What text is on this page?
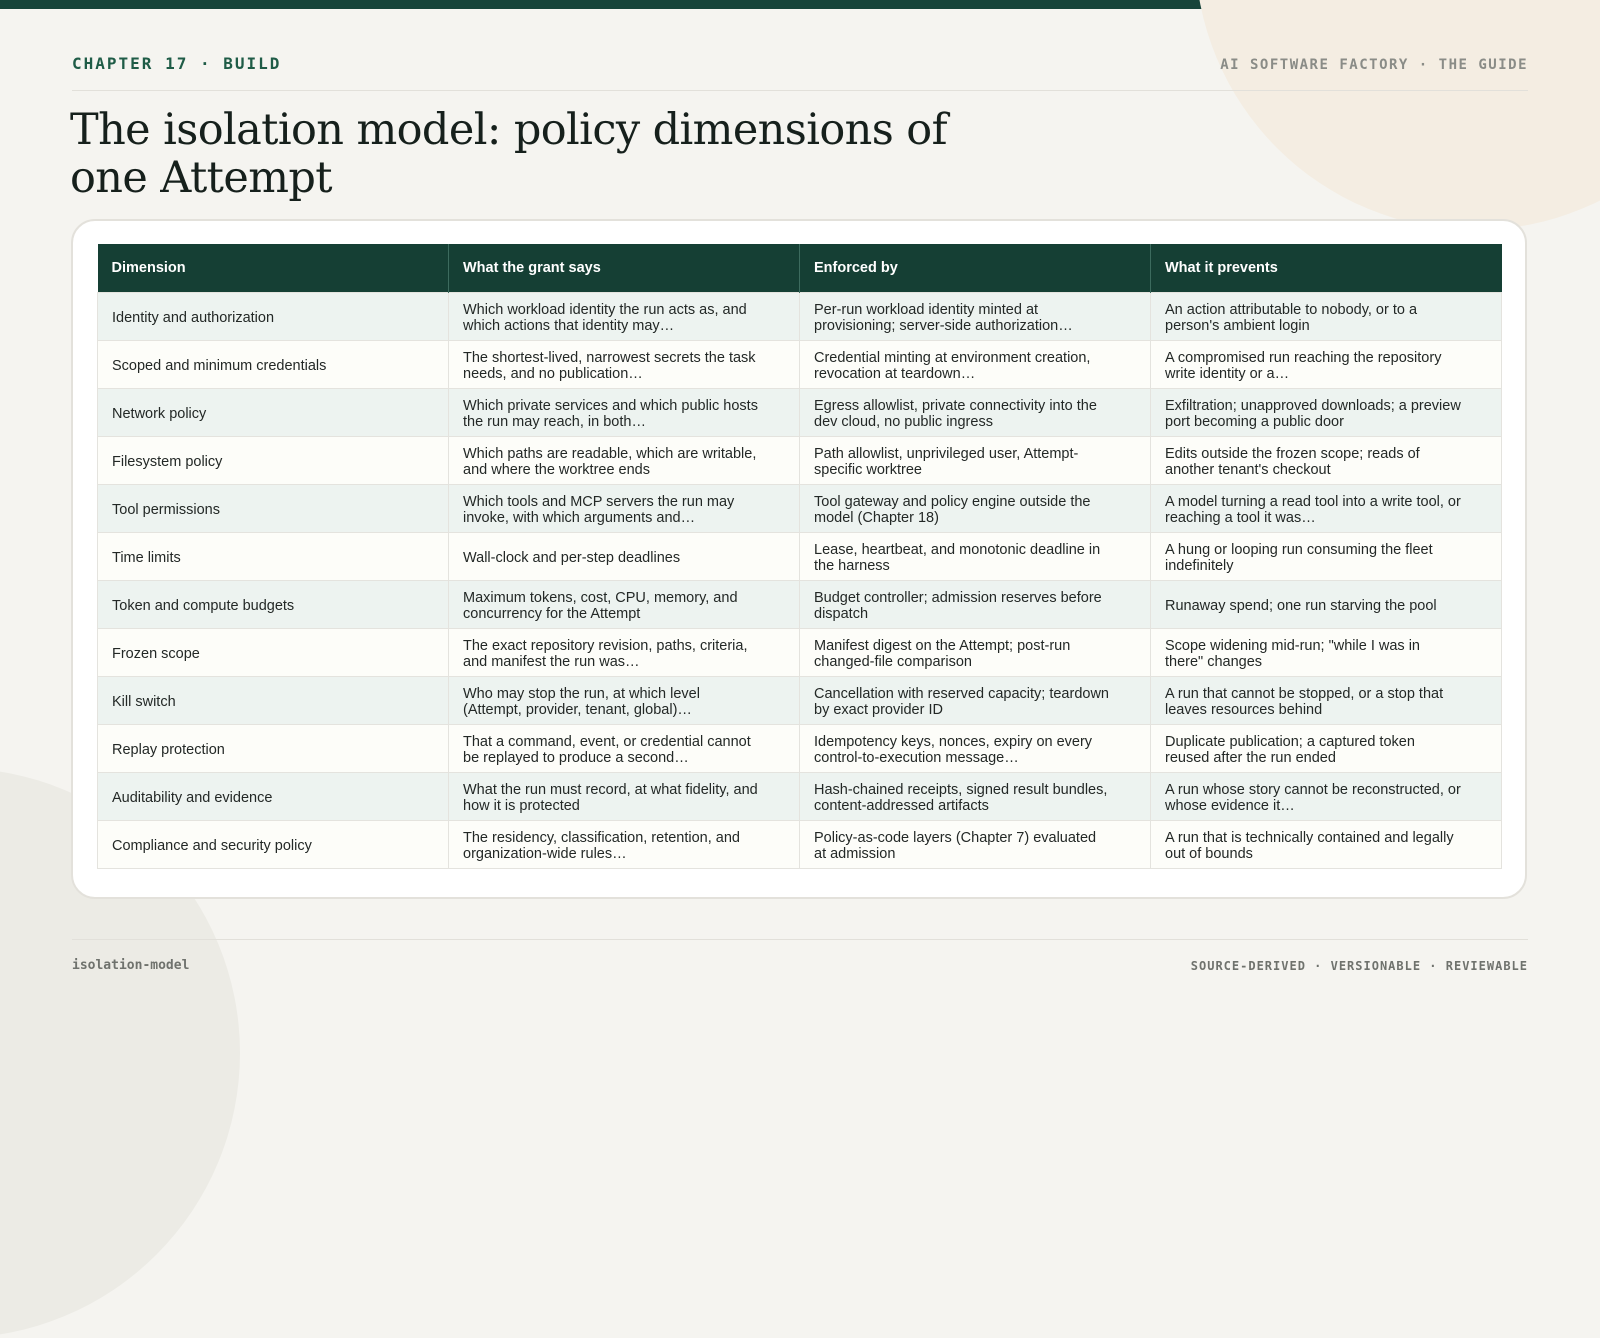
CHAPTER 17 · BUILD	AI SOFTWARE FACTORY · THE GUIDE
The isolation model: policy dimensions of one Attempt
Dimension	What the grant says	Enforced by	What it prevents

Identity and authorization	Which workload identity the run acts as, and which actions that identity may…	Per-run workload identity minted at provisioning; server-side authorization…	An action attributable to nobody, or to a person's ambient login

Scoped and minimum credentials	The shortest-lived, narrowest secrets the task needs, and no publication…	Credential minting at environment creation, revocation at teardown…	A compromised run reaching the repository write identity or a…

Network policy	Which private services and which public hosts the run may reach, in both…	Egress allowlist, private connectivity into the dev cloud, no public ingress	Exfiltration; unapproved downloads; a preview port becoming a public door

Filesystem policy	Which paths are readable, which are writable, and where the worktree ends	Path allowlist, unprivileged user, Attempt-specific worktree	Edits outside the frozen scope; reads of another tenant's checkout

Tool permissions	Which tools and MCP servers the run may invoke, with which arguments and…	Tool gateway and policy engine outside the model (Chapter 18)	A model turning a read tool into a write tool, or reaching a tool it was…

Time limits	Wall-clock and per-step deadlines	Lease, heartbeat, and monotonic deadline in the harness	A hung or looping run consuming the fleet indefinitely

Token and compute budgets	Maximum tokens, cost, CPU, memory, and concurrency for the Attempt	Budget controller; admission reserves before dispatch	Runaway spend; one run starving the pool

Frozen scope	The exact repository revision, paths, criteria, and manifest the run was…	Manifest digest on the Attempt; post-run changed-file comparison	Scope widening mid-run; "while I was in there" changes

Kill switch	Who may stop the run, at which level (Attempt, provider, tenant, global)…	Cancellation with reserved capacity; teardown by exact provider ID	A run that cannot be stopped, or a stop that leaves resources behind

Replay protection	That a command, event, or credential cannot be replayed to produce a second…	Idempotency keys, nonces, expiry on every control-to-execution message…	Duplicate publication; a captured token reused after the run ended

Auditability and evidence	What the run must record, at what fidelity, and how it is protected	Hash-chained receipts, signed result bundles, content-addressed artifacts	A run whose story cannot be reconstructed, or whose evidence it…

Compliance and security policy	The residency, classification, retention, and organization-wide rules…	Policy-as-code layers (Chapter 7) evaluated at admission	A run that is technically contained and legally out of bounds
isolation-model	SOURCE-DERIVED · VERSIONABLE · REVIEWABLE
